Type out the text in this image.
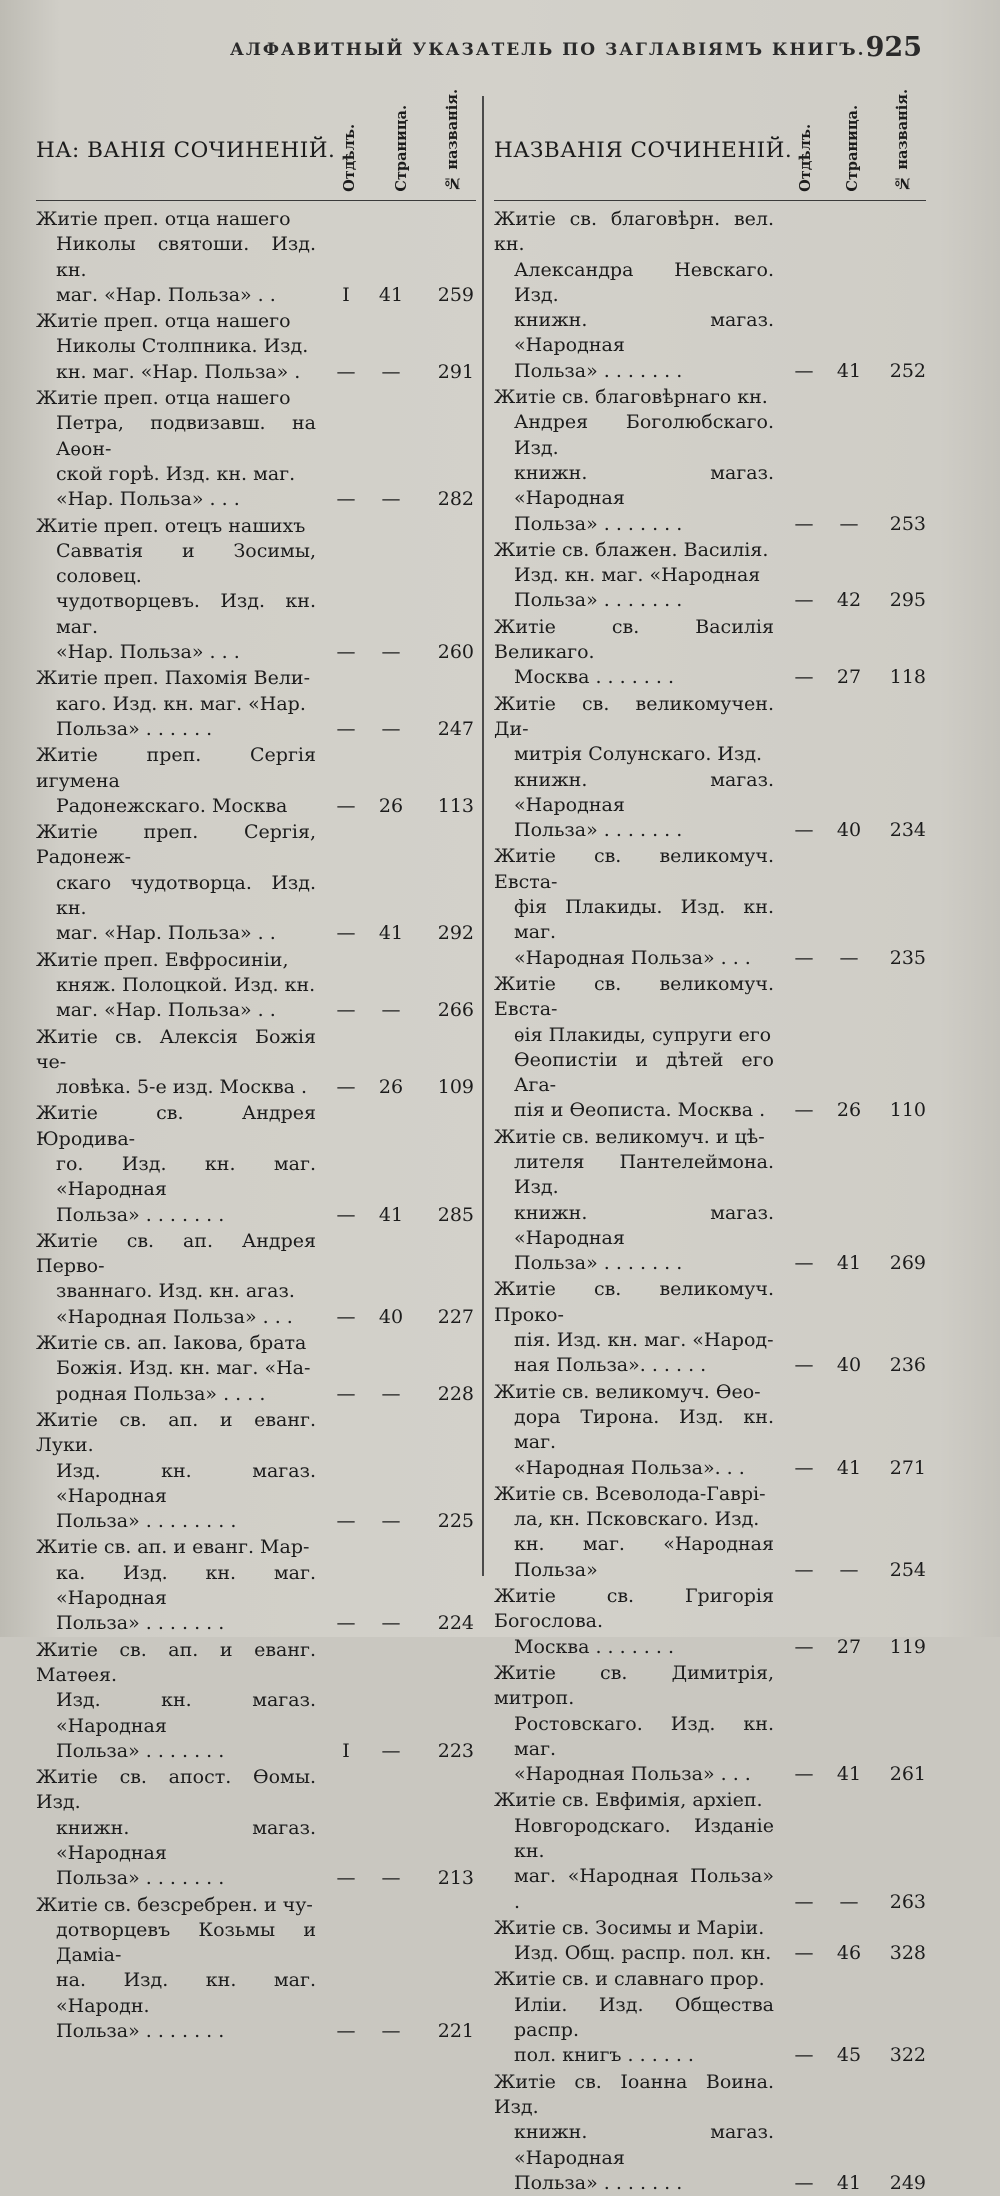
АЛФАВИТНЫЙ УКАЗАТЕЛЬ ПО ЗАГЛАВІЯМЪ КНИГЪ. 925
НА: ВАНІЯ СОЧИНЕНІЙ. Отдѣлъ. Страница. № названія.
Житіе преп. отца нашего
Николы святоши. Изд. кн.
маг. «Нар. Польза» . .	I	41	259
Житіе преп. отца нашего
Николы Столпника. Изд.
кн. маг. «Нар. Польза» .	—	—	291
Житіе преп. отца нашего
Петра, подвизавш. на Аѳон-
ской горѣ. Изд. кн. маг.
«Нар. Польза» . . .	—	—	282
Житіе преп. отецъ нашихъ
Савватія и Зосимы, соловец.
чудотворцевъ. Изд. кн. маг.
«Нар. Польза» . . .	—	—	260
Житіе преп. Пахомія Вели-
каго. Изд. кн. маг. «Нар.
Польза» . . . . . .	—	—	247
Житіе преп. Сергія игумена
Радонежскаго. Москва	—	26	113
Житіе преп. Сергія, Радонеж-
скаго чудотворца. Изд. кн.
маг. «Нар. Польза» . .	—	41	292
Житіе преп. Евфросиніи,
княж. Полоцкой. Изд. кн.
маг. «Нар. Польза» . .	—	—	266
Житіе св. Алексія Божія че-
ловѣка. 5-е изд. Москва .	—	26	109
Житіе св. Андрея Юродива-
го. Изд. кн. маг. «Народная
Польза» . . . . . . .	—	41	285
Житіе св. ап. Андрея Перво-
званнаго. Изд. кн. агаз.
«Народная Польза» . . .	—	40	227
Житіе св. ап. Іакова, брата
Божія. Изд. кн. маг. «На-
родная Польза» . . . .	—	—	228
Житіе св. ап. и еванг. Луки.
Изд. кн. магаз. «Народная
Польза» . . . . . . . .	—	—	225
Житіе св. ап. и еванг. Мар-
ка. Изд. кн. маг. «Народная
Польза» . . . . . . .	—	—	224
Житіе св. ап. и еванг. Матѳея.
Изд. кн. магаз. «Народная
Польза» . . . . . . .	I	—	223
Житіе св. апост. Ѳомы. Изд.
книжн. магаз. «Народная
Польза» . . . . . . .	—	—	213
Житіе св. безсребрен. и чу-
дотворцевъ Козьмы и Даміа-
на. Изд. кн. маг. «Народн.
Польза» . . . . . . .	—	—	221
НАЗВАНІЯ СОЧИНЕНІЙ. Отдѣлъ. Страница. № названія.
Житіе св. благовѣрн. вел. кн.
Александра Невскаго. Изд.
книжн. магаз. «Народная
Польза» . . . . . . .	—	41	252
Житіе св. благовѣрнаго кн.
Андрея Боголюбскаго. Изд.
книжн. магаз. «Народная
Польза» . . . . . . .	—	—	253
Житіе св. блажен. Василія.
Изд. кн. маг. «Народная
Польза» . . . . . . .	—	42	295
Житіе св. Василія Великаго.
Москва . . . . . . .	—	27	118
Житіе св. великомучен. Ди-
митрія Солунскаго. Изд.
книжн. магаз. «Народная
Польза» . . . . . . .	—	40	234
Житіе св. великомуч. Евста-
фія Плакиды. Изд. кн. маг.
«Народная Польза» . . .	—	—	235
Житіе св. великомуч. Евста-
ѳія Плакиды, супруги его
Ѳеопистіи и дѣтей его Ага-
пія и Ѳеописта. Москва .	—	26	110
Житіе св. великомуч. и цѣ-
лителя Пантелеймона. Изд.
книжн. магаз. «Народная
Польза» . . . . . . .	—	41	269
Житіе св. великомуч. Проко-
пія. Изд. кн. маг. «Народ-
ная Польза». . . . . .	—	40	236
Житіе св. великомуч. Ѳео-
дора Тирона. Изд. кн. маг.
«Народная Польза». . .	—	41	271
Житіе св. Всеволода-Гаврі-
ла, кн. Псковскаго. Изд.
кн. маг. «Народная Польза»	—	—	254
Житіе св. Григорія Богослова.
Москва . . . . . . .	—	27	119
Житіе св. Димитрія, митроп.
Ростовскаго. Изд. кн. маг.
«Народная Польза» . . .	—	41	261
Житіе св. Евфимія, архіеп.
Новгородскаго. Изданіе кн.
маг. «Народная Польза» .	—	—	263
Житіе св. Зосимы и Маріи.
Изд. Общ. распр. пол. кн.	—	46	328
Житіе св. и славнаго прор.
Иліи. Изд. Общества распр.
пол. книгъ . . . . . .	—	45	322
Житіе св. Іоанна Воина. Изд.
книжн. магаз. «Народная
Польза» . . . . . . .	—	41	249
